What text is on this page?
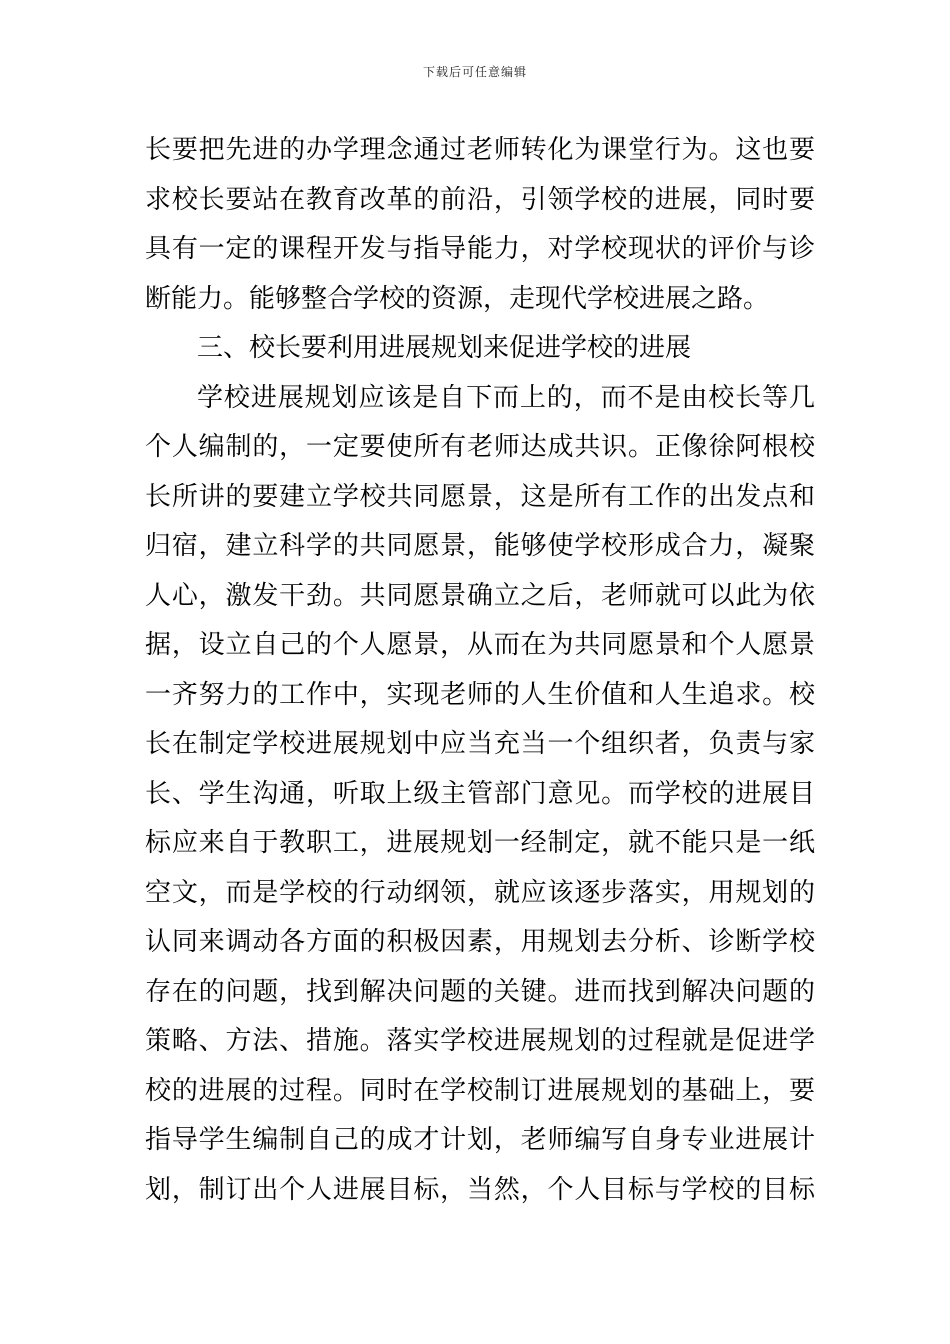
下载后可任意编辑
长要把先进的办学理念通过老师转化为课堂行为。这也要
求校长要站在教育改革的前沿，引领学校的进展，同时要
具有一定的课程开发与指导能力，对学校现状的评价与诊
断能力。能够整合学校的资源，走现代学校进展之路。
三、校长要利用进展规划来促进学校的进展
学校进展规划应该是自下而上的，而不是由校长等几
个人编制的，一定要使所有老师达成共识。正像徐阿根校
长所讲的要建立学校共同愿景，这是所有工作的出发点和
归宿，建立科学的共同愿景，能够使学校形成合力，凝聚
人心，激发干劲。共同愿景确立之后，老师就可以此为依
据，设立自己的个人愿景，从而在为共同愿景和个人愿景
一齐努力的工作中，实现老师的人生价值和人生追求。校
长在制定学校进展规划中应当充当一个组织者，负责与家
长、学生沟通，听取上级主管部门意见。而学校的进展目
标应来自于教职工，进展规划一经制定，就不能只是一纸
空文，而是学校的行动纲领，就应该逐步落实，用规划的
认同来调动各方面的积极因素，用规划去分析、诊断学校
存在的问题，找到解决问题的关键。进而找到解决问题的
策略、方法、措施。落实学校进展规划的过程就是促进学
校的进展的过程。同时在学校制订进展规划的基础上，要
指导学生编制自己的成才计划，老师编写自身专业进展计
划，制订出个人进展目标，当然，个人目标与学校的目标
